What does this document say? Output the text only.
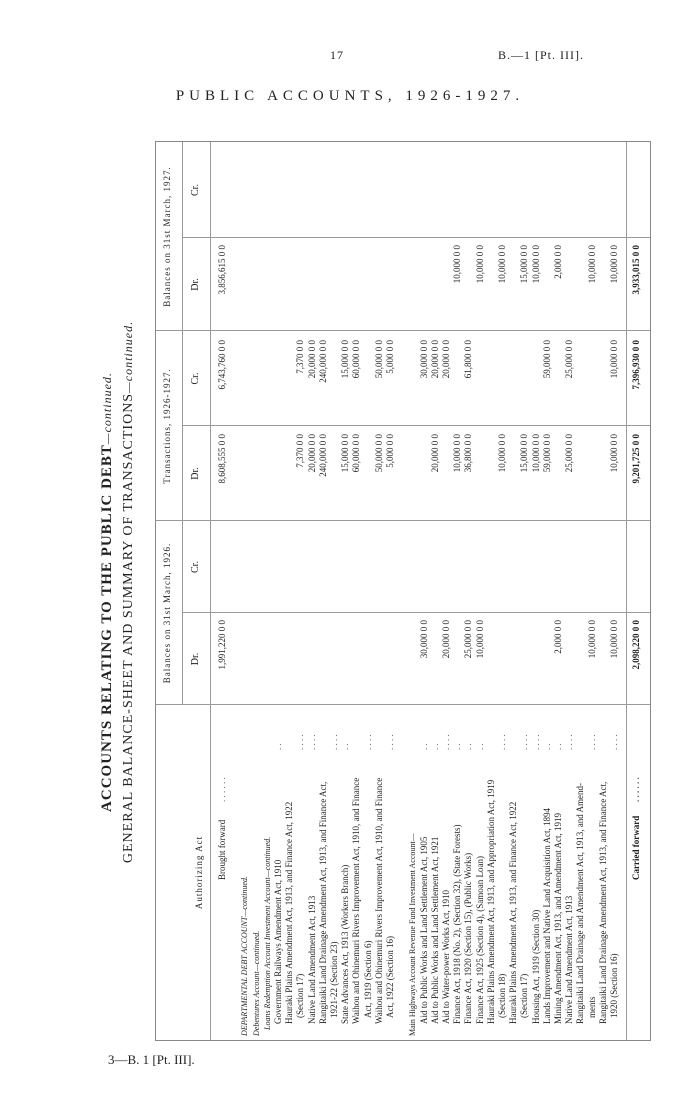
17	B.—1 [Pt. III].
PUBLIC ACCOUNTS, 1926-1927.
ACCOUNTS RELATING TO THE PUBLIC DEBT—continued. GENERAL BALANCE-SHEET AND SUMMARY OF TRANSACTIONS—continued.
Authorizing Act
Balances on 31st March, 1926.
Transactions, 1926-1927.
Balances on 31st March, 1927.
Dr.
Cr.
Dr.
Cr.
Dr.
Cr.
Brought forward
. . . . . .
1,991,220 0 0
8,608,555 0 0
6,743,760 0 0
3,856,615 0 0
DEPARTMENTAL DEBT ACCOUNT—continued. Debentures Account—continued. Loans Redemption Account Investment Account—continued. Government Railways Amendment Act, 1910
. .
Hauraki Plains Amendment Act, 1913, and Finance Act, 1922 (Section 17)
. . . .
7,370 0 0
7,370 0 0
Native Land Amendment Act, 1913
. . . .
20,000 0 0
20,000 0 0
Rangitaiki Land Drainage Amendment Act, 1913, and Finance Act,
240,000 0 0
240,000 0 0
1921-22 (Section 23)
. . . .
State Advances Act, 1913 (Workers Branch)
. .
15,000 0 0
15,000 0 0
Waihou and Ohinemuri Rivers Improvement Act, 1910, and Finance
60,000 0 0
60,000 0 0
Act, 1919 (Section 6)
. . . .
Waihou and Ohinemuri Rivers Improvement Act, 1910, and Finance
50,000 0 0
50,000 0 0
Act, 1922 (Section 16)
. . . .
5,000 0 0
5,000 0 0
Main Highways Account Revenue Fund Investment Account— Aid to Public Works and Land Settlement Act, 1905
. .
30,000 0 0
30,000 0 0
Aid to Public Works and Land Settlement Act, 1921
. .
20,000 0 0
20,000 0 0
Aid to Water-power Works Act, 1910
. . . .
20,000 0 0
20,000 0 0
Finance Act, 1918 (No. 2), (Section 32), (State Forests)
. .
10,000 0 0
10,000 0 0
Finance Act, 1920 (Section 15), (Public Works)
. .
25,000 0 0
36,800 0 0
61,800 0 0
Finance Act, 1925 (Section 4), (Samoan Loan)
. .
10,000 0 0
10,000 0 0
Hauraki Plains Amendment Act, 1913, and Appropriation Act, 1919 (Section 18)
. . . .
10,000 0 0
10,000 0 0
Hauraki Plains Amendment Act, 1913, and Finance Act, 1922 (Section 17)
. . . .
15,000 0 0
15,000 0 0
Housing Act, 1919 (Section 30)
. . . .
10,000 0 0
10,000 0 0
Lands Improvement and Native Land Acquisition Act, 1894
. .
59,000 0 0
59,000 0 0
Mining Amendment Act, 1913, and Amendment Act, 1919
. .
2,000 0 0
2,000 0 0
Native Land Amendment Act, 1913
. . . .
25,000 0 0
25,000 0 0
Rangitaiki Land Drainage and Amendment Act, 1913, and Amend- ments
. . . .
10,000 0 0
10,000 0 0
Rangitaiki Land Drainage Amendment Act, 1913, and Finance Act, 1920 (Section 16)
. . . .
10,000 0 0
10,000 0 0
10,000 0 0
10,000 0 0
Carried forward
. . . . . .
2,098,220 0 0
9,201,725 0 0
7,396,930 0 0
3,933,015 0 0
3—B. 1 [Pt. III].
